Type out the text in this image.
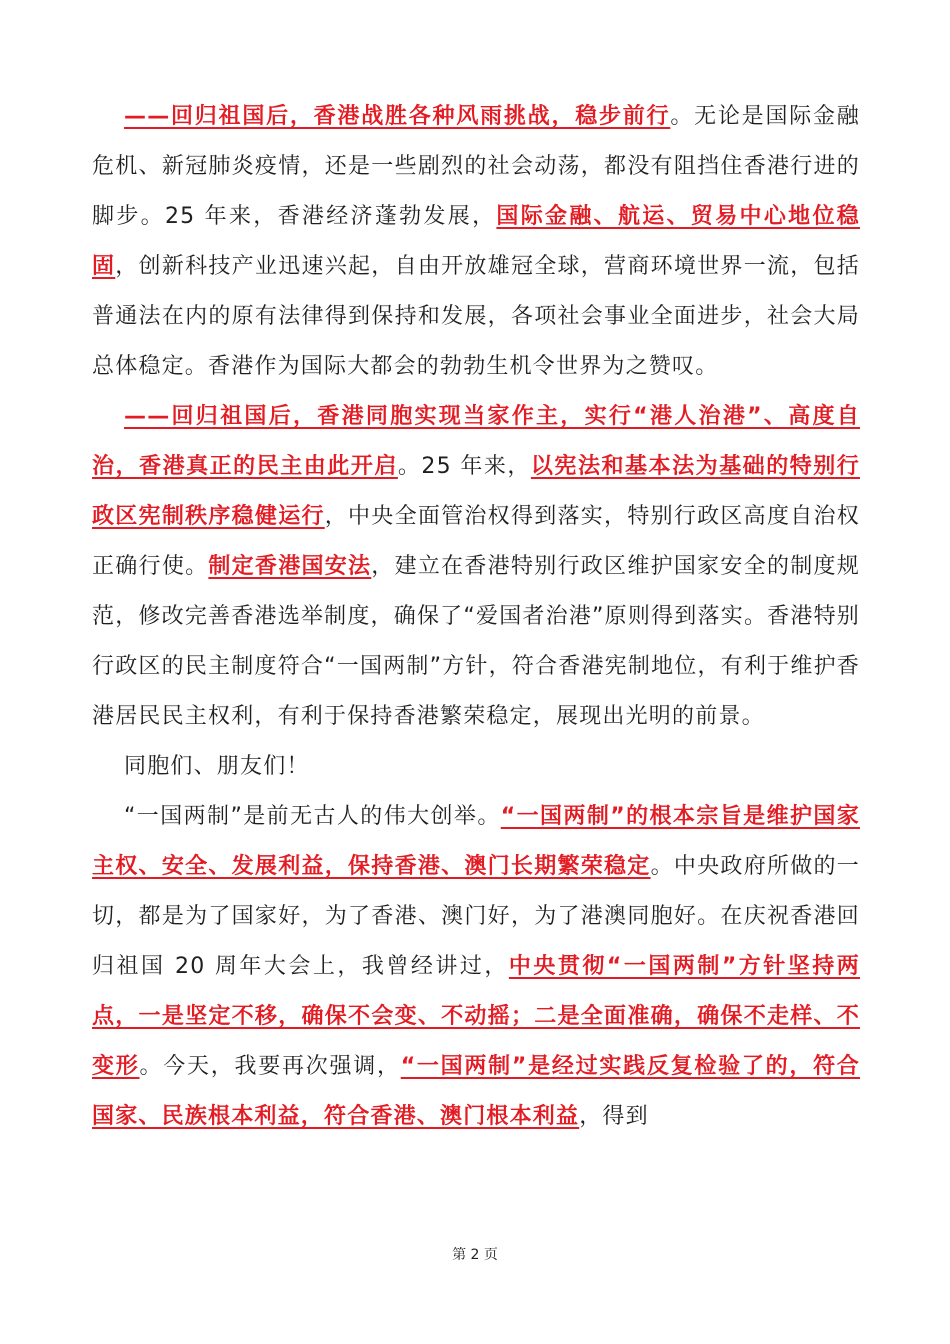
——回归祖国后，香港战胜各种风雨挑战，稳步前行。无论是国际金融危机、新冠肺炎疫情，还是一些剧烈的社会动荡，都没有阻挡住香港行进的脚步。25 年来，香港经济蓬勃发展，国际金融、航运、贸易中心地位稳固，创新科技产业迅速兴起，自由开放雄冠全球，营商环境世界一流，包括普通法在内的原有法律得到保持和发展，各项社会事业全面进步，社会大局总体稳定。香港作为国际大都会的勃勃生机令世界为之赞叹。

——回归祖国后，香港同胞实现当家作主，实行“港人治港”、高度自治，香港真正的民主由此开启。25 年来，以宪法和基本法为基础的特别行政区宪制秩序稳健运行，中央全面管治权得到落实，特别行政区高度自治权正确行使。制定香港国安法，建立在香港特别行政区维护国家安全的制度规范，修改完善香港选举制度，确保了“爱国者治港”原则得到落实。香港特别行政区的民主制度符合“一国两制”方针，符合香港宪制地位，有利于维护香港居民民主权利，有利于保持香港繁荣稳定，展现出光明的前景。

同胞们、朋友们！

“一国两制”是前无古人的伟大创举。“一国两制”的根本宗旨是维护国家主权、安全、发展利益，保持香港、澳门长期繁荣稳定。中央政府所做的一切，都是为了国家好，为了香港、澳门好，为了港澳同胞好。在庆祝香港回归祖国 20 周年大会上，我曾经讲过，中央贯彻“一国两制”方针坚持两点，一是坚定不移，确保不会变、不动摇；二是全面准确，确保不走样、不变形。今天，我要再次强调，“一国两制”是经过实践反复检验了的，符合国家、民族根本利益，符合香港、澳门根本利益，得到

第 2 页
